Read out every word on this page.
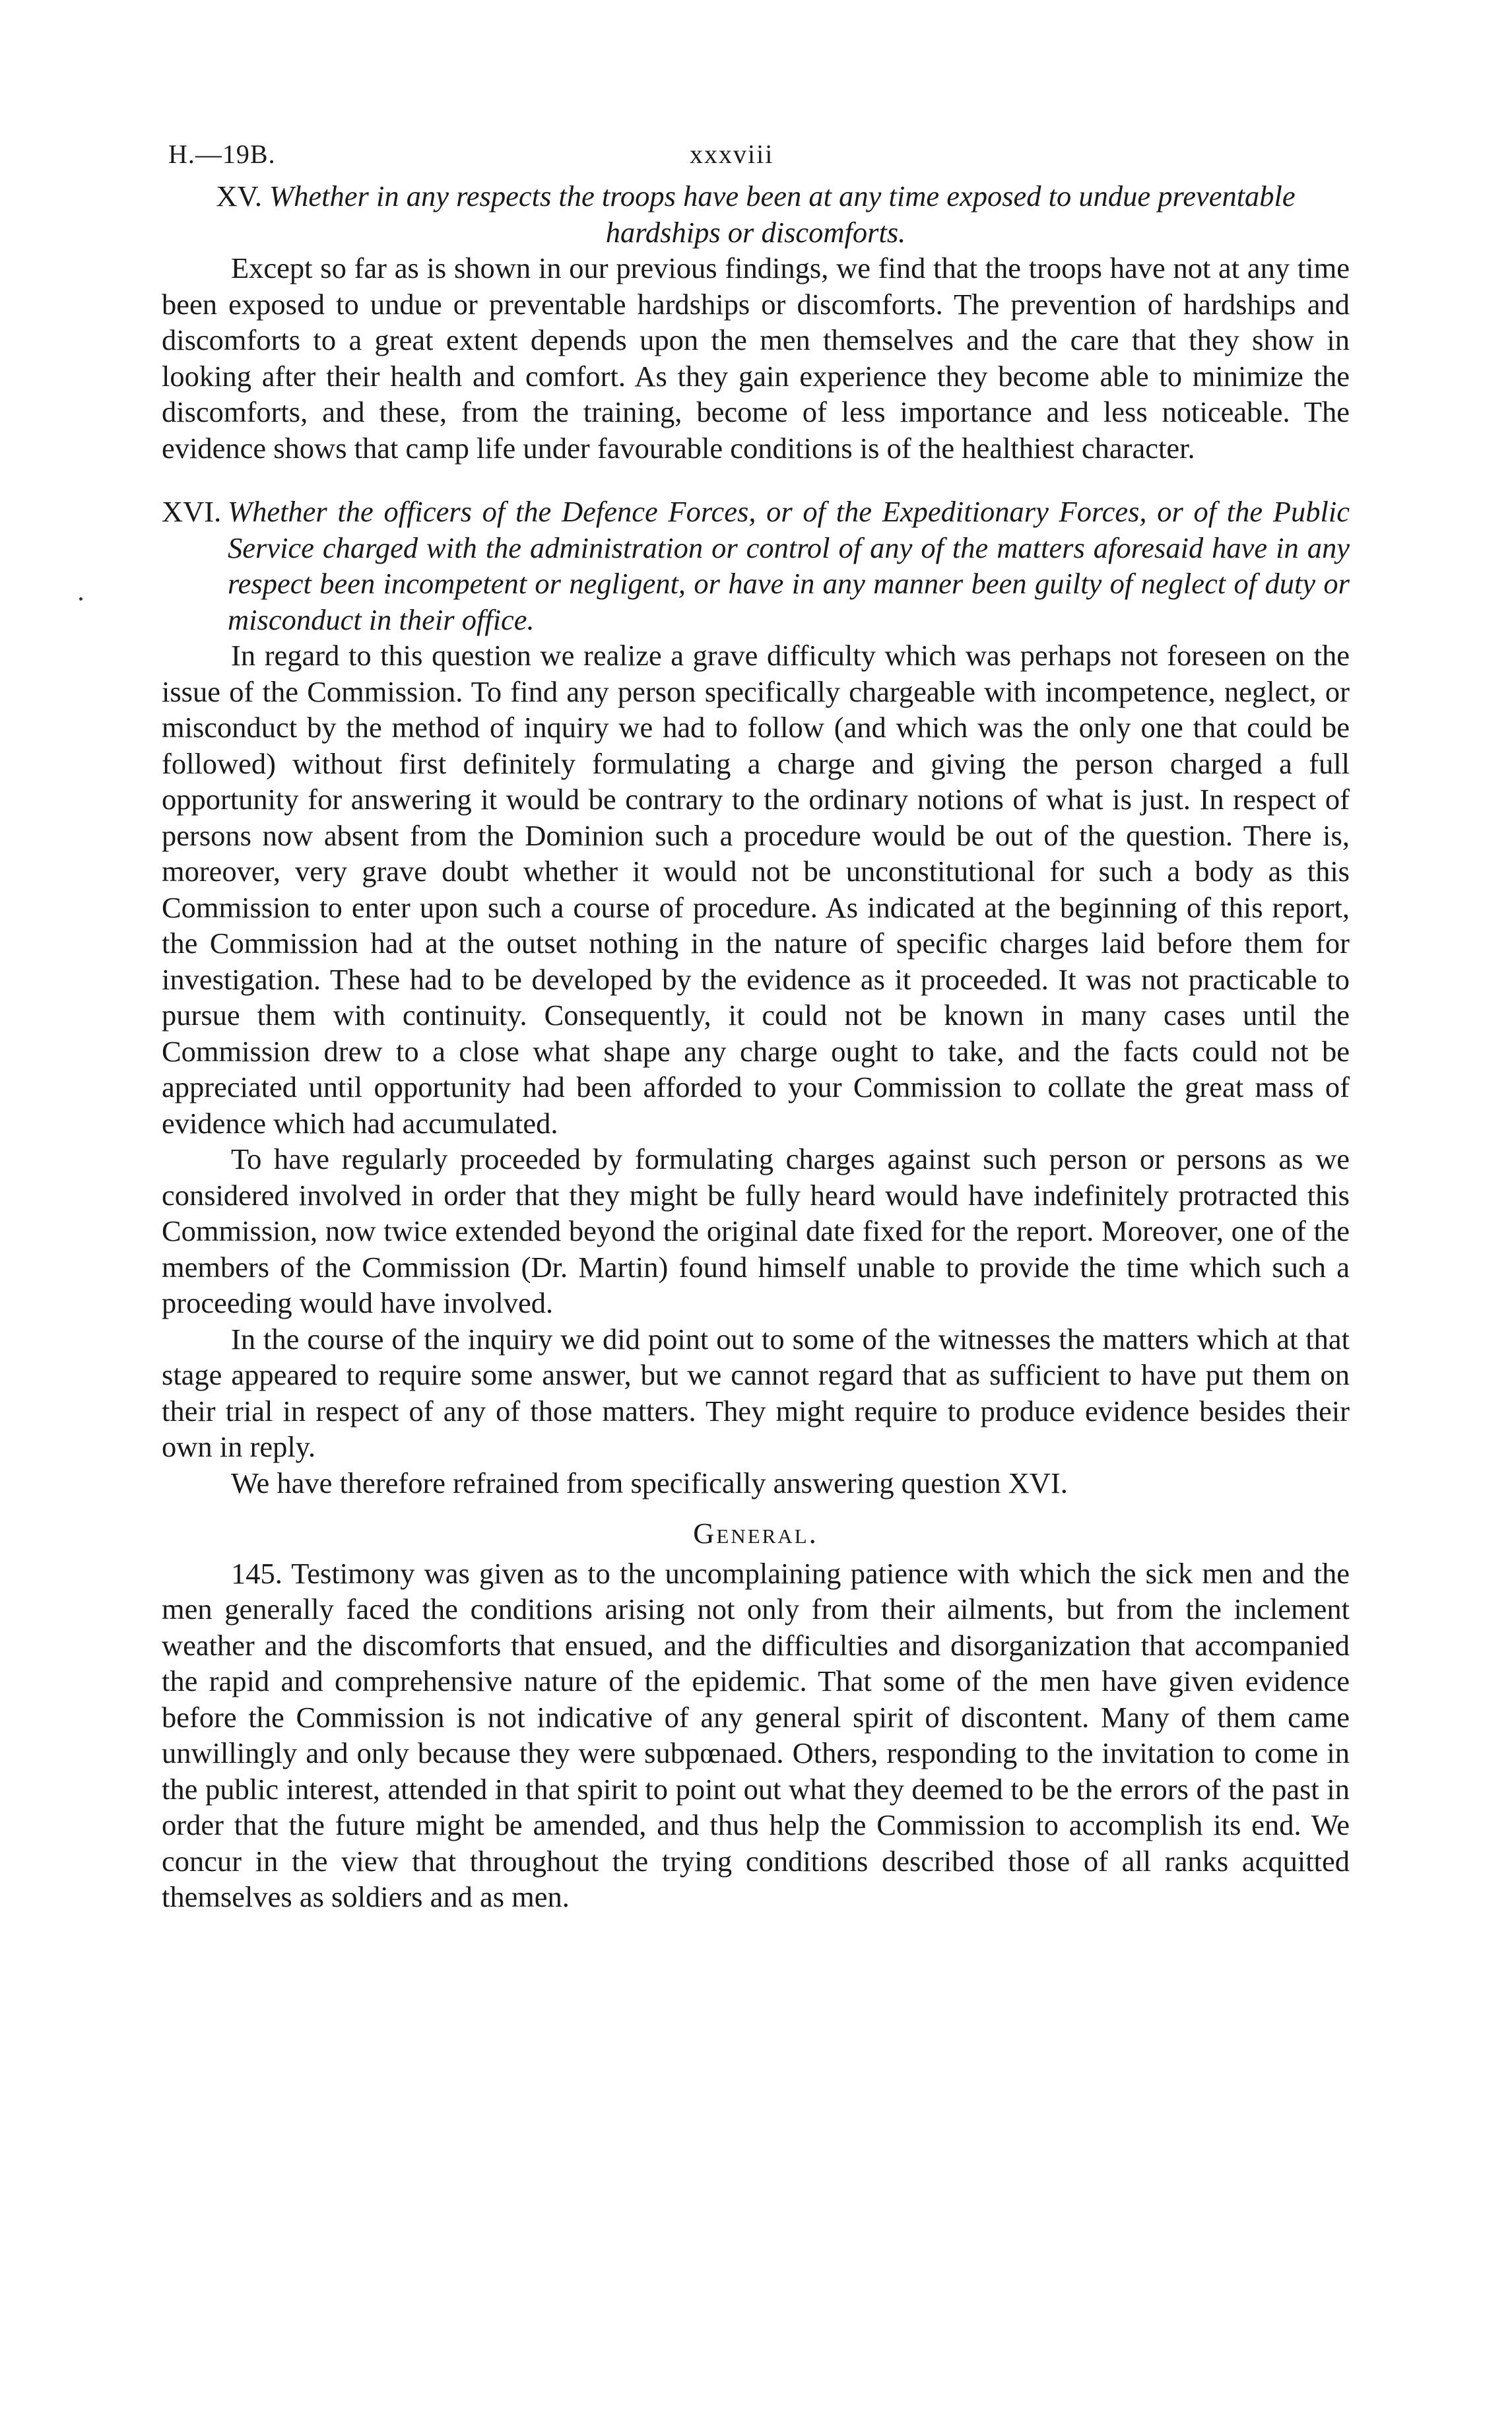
H.—19B.	xxxviii

XV. Whether in any respects the troops have been at any time exposed to undue preventable hardships or discomforts.

Except so far as is shown in our previous findings, we find that the troops have not at any time been exposed to undue or preventable hardships or discomforts. The prevention of hardships and discomforts to a great extent depends upon the men themselves and the care that they show in looking after their health and comfort. As they gain experience they become able to minimize the discomforts, and these, from the training, become of less importance and less noticeable. The evidence shows that camp life under favourable conditions is of the healthiest character.

XVI. Whether the officers of the Defence Forces, or of the Expeditionary Forces, or of the Public Service charged with the administration or control of any of the matters aforesaid have in any respect been incompetent or negligent, or have in any manner been guilty of neglect of duty or misconduct in their office.

In regard to this question we realize a grave difficulty which was perhaps not foreseen on the issue of the Commission. To find any person specifically chargeable with incompetence, neglect, or misconduct by the method of inquiry we had to follow (and which was the only one that could be followed) without first definitely formulating a charge and giving the person charged a full opportunity for answering it would be contrary to the ordinary notions of what is just. In respect of persons now absent from the Dominion such a procedure would be out of the question. There is, moreover, very grave doubt whether it would not be unconstitutional for such a body as this Commission to enter upon such a course of procedure. As indicated at the beginning of this report, the Commission had at the outset nothing in the nature of specific charges laid before them for investigation. These had to be developed by the evidence as it proceeded. It was not practicable to pursue them with continuity. Consequently, it could not be known in many cases until the Commission drew to a close what shape any charge ought to take, and the facts could not be appreciated until opportunity had been afforded to your Commission to collate the great mass of evidence which had accumulated.

To have regularly proceeded by formulating charges against such person or persons as we considered involved in order that they might be fully heard would have indefinitely protracted this Commission, now twice extended beyond the original date fixed for the report. Moreover, one of the members of the Commission (Dr. Martin) found himself unable to provide the time which such a proceeding would have involved.

In the course of the inquiry we did point out to some of the witnesses the matters which at that stage appeared to require some answer, but we cannot regard that as sufficient to have put them on their trial in respect of any of those matters. They might require to produce evidence besides their own in reply.

We have therefore refrained from specifically answering question XVI.

General.

145. Testimony was given as to the uncomplaining patience with which the sick men and the men generally faced the conditions arising not only from their ailments, but from the inclement weather and the discomforts that ensued, and the difficulties and disorganization that accompanied the rapid and comprehensive nature of the epidemic. That some of the men have given evidence before the Commission is not indicative of any general spirit of discontent. Many of them came unwillingly and only because they were subpœnaed. Others, responding to the invitation to come in the public interest, attended in that spirit to point out what they deemed to be the errors of the past in order that the future might be amended, and thus help the Commission to accomplish its end. We concur in the view that throughout the trying conditions described those of all ranks acquitted themselves as soldiers and as men.
